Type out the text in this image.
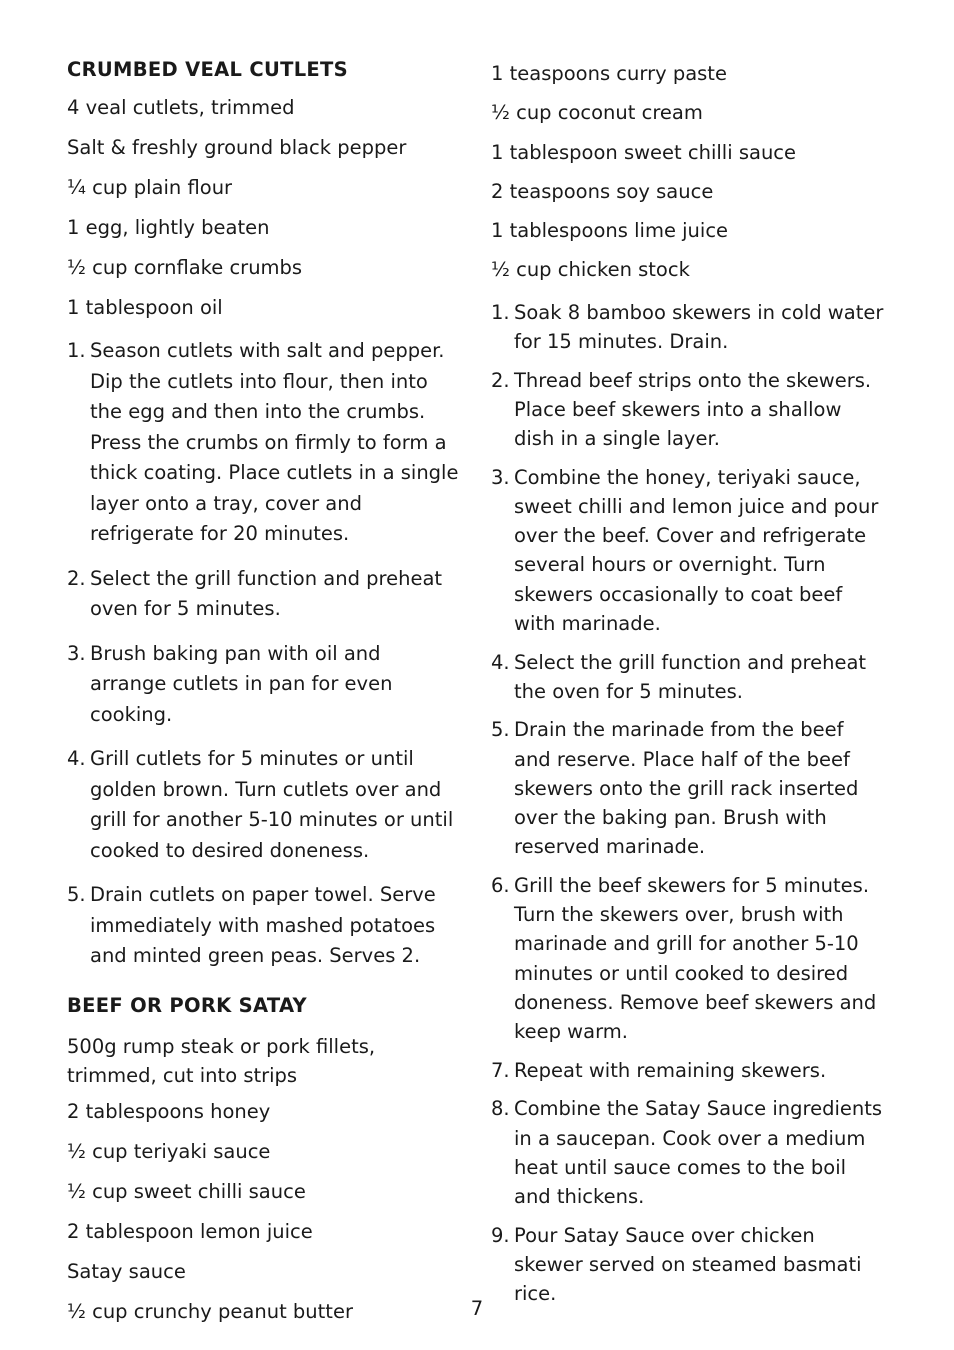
CRUMBED VEAL CUTLETS
4 veal cutlets, trimmed
Salt & freshly ground black pepper
¼ cup plain flour
1 egg, lightly beaten
½ cup cornflake crumbs
1 tablespoon oil
1. Season cutlets with salt and pepper. Dip the cutlets into flour, then into the egg and then into the crumbs. Press the crumbs on firmly to form a thick coating. Place cutlets in a single layer onto a tray, cover and refrigerate for 20 minutes.
2. Select the grill function and preheat oven for 5 minutes.
3. Brush baking pan with oil and arrange cutlets in pan for even cooking.
4. Grill cutlets for 5 minutes or until golden brown. Turn cutlets over and grill for another 5-10 minutes or until cooked to desired doneness.
5. Drain cutlets on paper towel. Serve immediately with mashed potatoes and minted green peas. Serves 2.
BEEF OR PORK SATAY
500g rump steak or pork fillets, trimmed, cut into strips
2 tablespoons honey
½ cup teriyaki sauce
½ cup sweet chilli sauce
2 tablespoon lemon juice
Satay sauce
½ cup crunchy peanut butter
1 teaspoons curry paste
½ cup coconut cream
1 tablespoon sweet chilli sauce
2 teaspoons soy sauce
1 tablespoons lime juice
½ cup chicken stock
1. Soak 8 bamboo skewers in cold water for 15 minutes. Drain.
2. Thread beef strips onto the skewers. Place beef skewers into a shallow dish in a single layer.
3. Combine the honey, teriyaki sauce, sweet chilli and lemon juice and pour over the beef. Cover and refrigerate several hours or overnight. Turn skewers occasionally to coat beef with marinade.
4. Select the grill function and preheat the oven for 5 minutes.
5. Drain the marinade from the beef and reserve. Place half of the beef skewers onto the grill rack inserted over the baking pan. Brush with reserved marinade.
6. Grill the beef skewers for 5 minutes. Turn the skewers over, brush with marinade and grill for another 5-10 minutes or until cooked to desired doneness. Remove beef skewers and keep warm.
7. Repeat with remaining skewers.
8. Combine the Satay Sauce ingredients in a saucepan. Cook over a medium heat until sauce comes to the boil and thickens.
9. Pour Satay Sauce over chicken skewer served on steamed basmati rice.
7
